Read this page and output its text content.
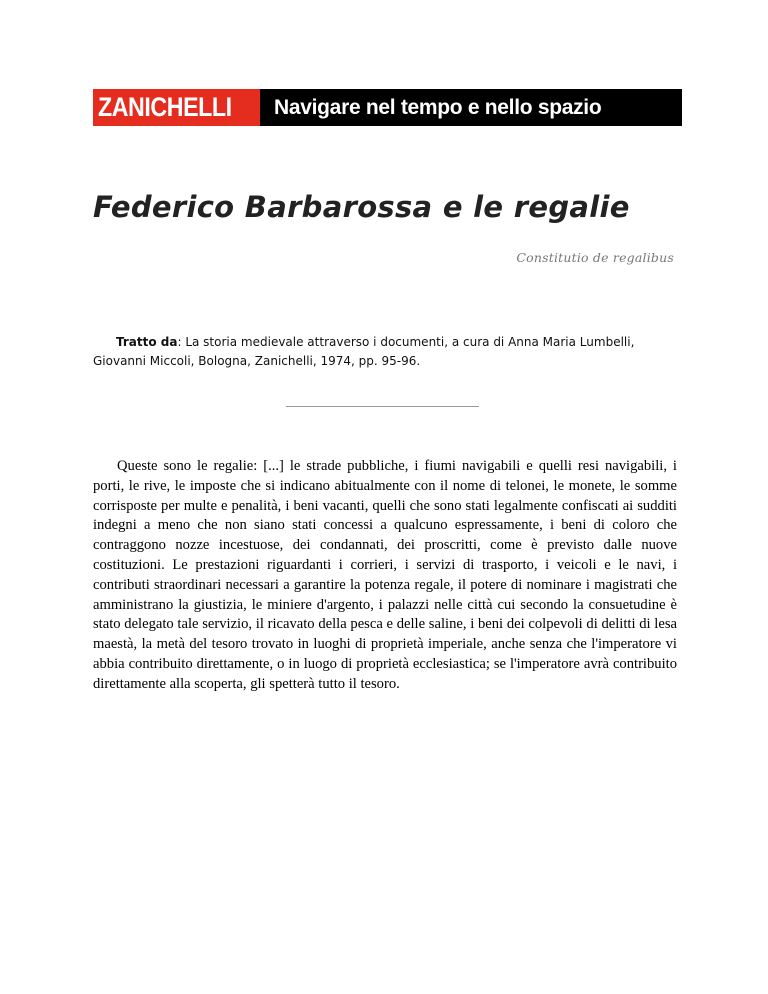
ZANICHELLI	Navigare nel tempo e nello spazio
Federico Barbarossa e le regalie
Constitutio de regalibus
Tratto da: La storia medievale attraverso i documenti, a cura di Anna Maria Lumbelli, Giovanni Miccoli, Bologna, Zanichelli, 1974, pp. 95-96.

Queste sono le regalie: [...] le strade pubbliche, i fiumi navigabili e quelli resi navigabili, i porti, le rive, le imposte che si indicano abitualmente con il nome di telonei, le monete, le somme corrisposte per multe e penalità, i beni vacanti, quelli che sono stati legalmente confiscati ai sudditi indegni a meno che non siano stati concessi a qualcuno espressamente, i beni di coloro che contraggono nozze incestuose, dei condannati, dei proscritti, come è previsto dalle nuove costituzioni. Le prestazioni riguardanti i corrieri, i servizi di trasporto, i veicoli e le navi, i contributi straordinari necessari a garantire la potenza regale, il potere di nominare i magistrati che amministrano la giustizia, le miniere d'argento, i palazzi nelle città cui secondo la consuetudine è stato delegato tale servizio, il ricavato della pesca e delle saline, i beni dei colpevoli di delitti di lesa maestà, la metà del tesoro trovato in luoghi di proprietà imperiale, anche senza che l'imperatore vi abbia contribuito direttamente, o in luogo di proprietà ecclesiastica; se l'imperatore avrà contribuito direttamente alla scoperta, gli spetterà tutto il tesoro.
